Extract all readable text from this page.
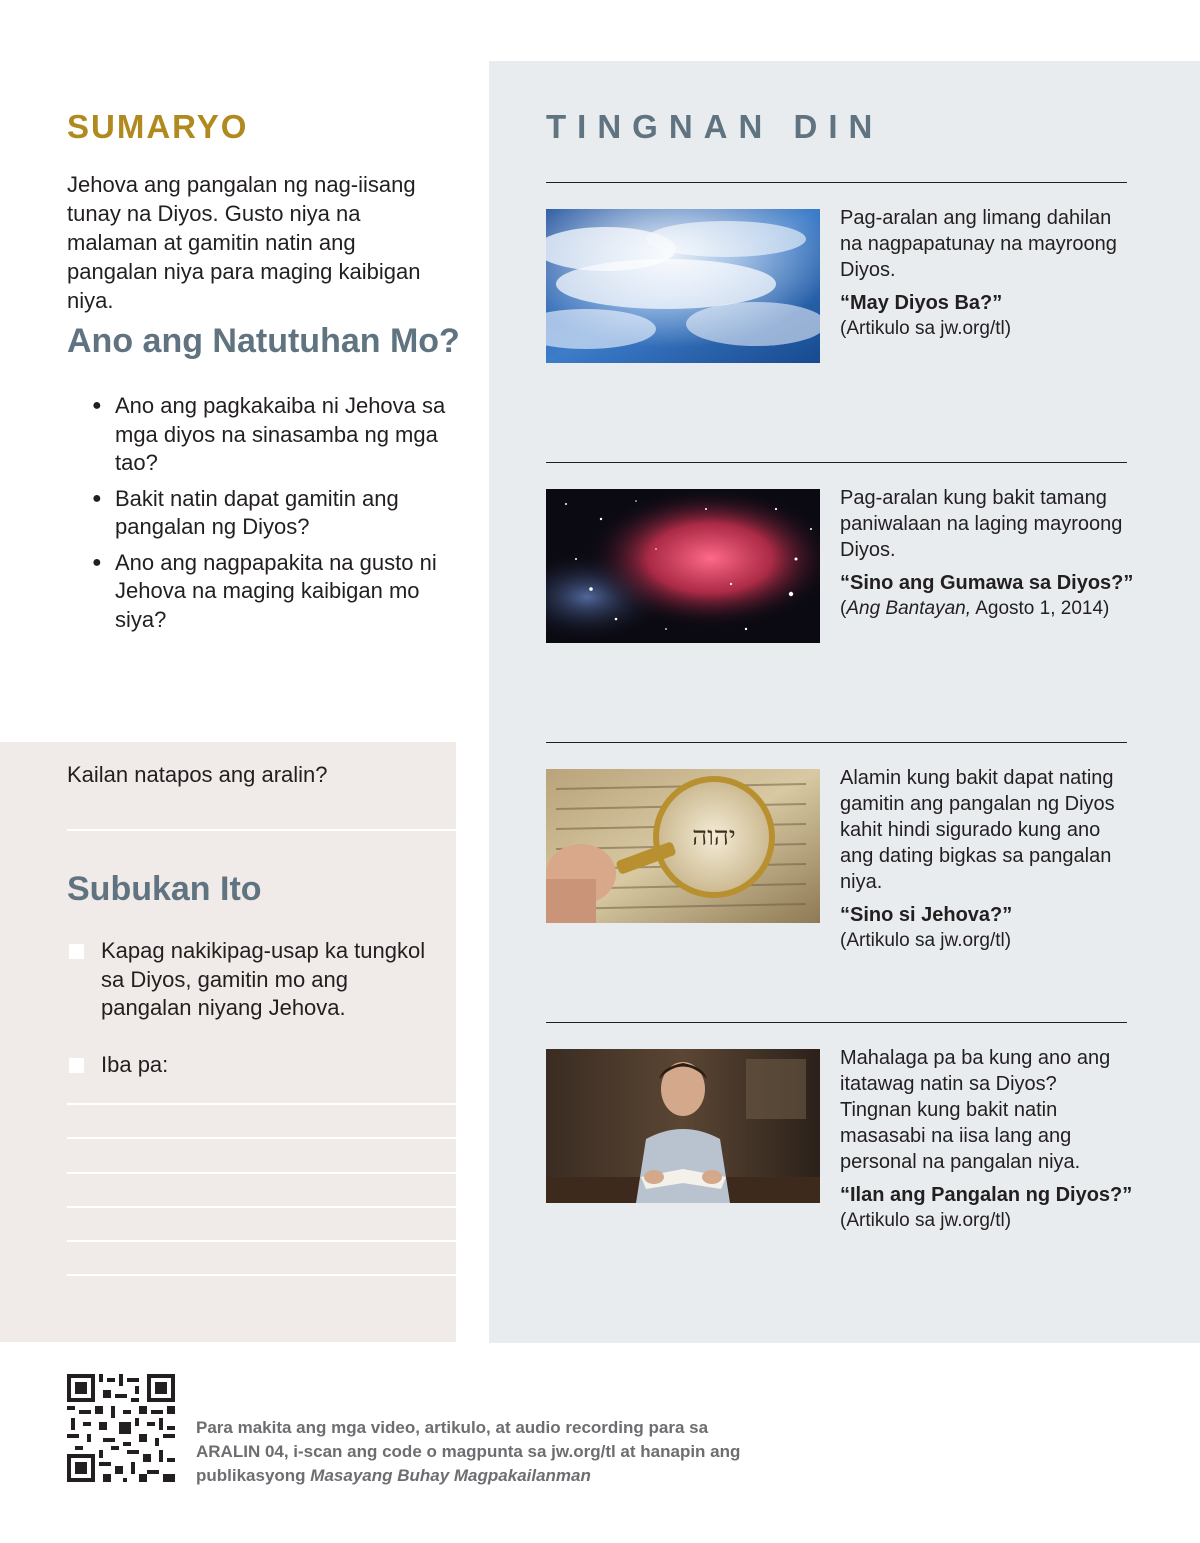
SUMARYO

Jehova ang pangalan ng nag-iisang tunay na Diyos. Gusto niya na malaman at gamitin natin ang pangalan niya para maging kaibigan niya.

Ano ang Natutuhan Mo?
● Ano ang pagkakaiba ni Jehova sa mga diyos na sinasamba ng mga tao?
● Bakit natin dapat gamitin ang pangalan ng Diyos?
● Ano ang nagpapakita na gusto ni Jehova na maging kaibigan mo siya?
Kailan natapos ang aralin?
Subukan Ito
Kapag nakikipag-usap ka tungkol sa Diyos, gamitin mo ang pangalan niyang Jehova.
Iba pa:
TINGNAN DIN
Pag-aralan ang limang dahilan na nagpapatunay na mayroong Diyos.
“May Diyos Ba?”
(Artikulo sa jw.org/tl)
Pag-aralan kung bakit tamang paniwalaan na laging mayroong Diyos.
“Sino ang Gumawa sa Diyos?”
(Ang Bantayan, Agosto 1, 2014)
יהוה
Alamin kung bakit dapat nating gamitin ang pangalan ng Diyos kahit hindi sigurado kung ano ang dating bigkas sa pangalan niya.
“Sino si Jehova?”
(Artikulo sa jw.org/tl)
Mahalaga pa ba kung ano ang itatawag natin sa Diyos? Tingnan kung bakit natin masasabi na iisa lang ang personal na pangalan niya.
“Ilan ang Pangalan ng Diyos?”
(Artikulo sa jw.org/tl)

Para makita ang mga video, artikulo, at audio recording para sa ARALIN 04, i-scan ang code o magpunta sa jw.org/tl at hanapin ang publikasyong Masayang Buhay Magpakailanman
